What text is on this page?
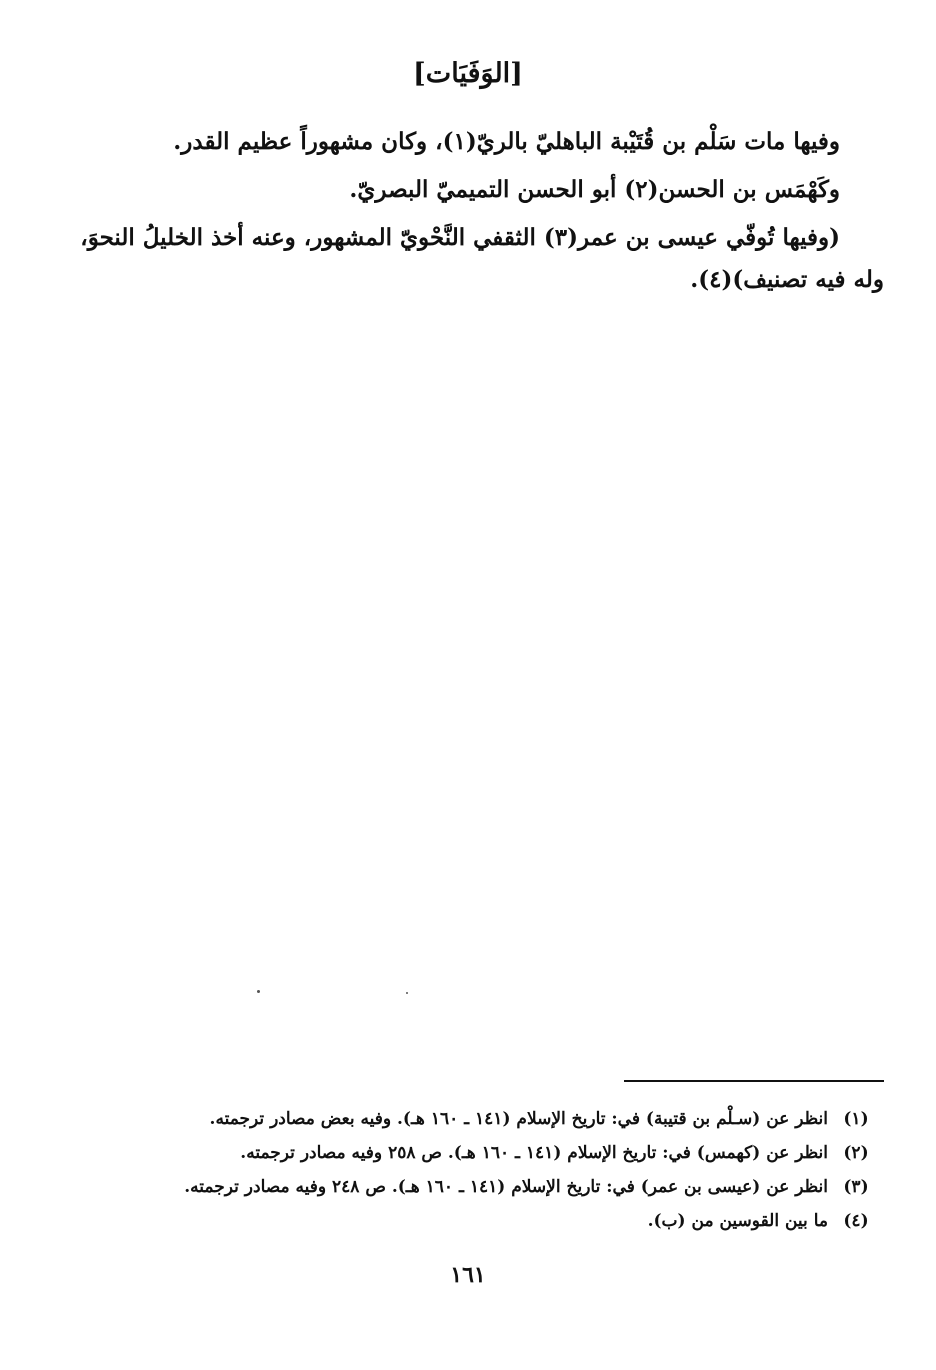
[الوَفَيَات]

وفيها مات سَلْم بن قُتَيْبة الباهليّ بالريّ(١)، وكان مشهوراً عظيم القدر.

وكَهْمَس بن الحسن(٢) أبو الحسن التميميّ البصريّ.

(وفيها تُوفّي عيسى بن عمر(٣) الثقفي النَّحْويّ المشهور، وعنه أخذ الخليلُ النحوَ،

وله فيه تصنيف)(٤).

(١)
انظر عن (سـلْم بن قتيبة) في: تاريخ الإسلام (١٤١ ـ ١٦٠ هـ). وفيه بعض مصادر ترجمته.
(٢)
انظر عن (كهمس) في: تاريخ الإسلام (١٤١ ـ ١٦٠ هـ). ص ٢٥٨ وفيه مصادر ترجمته.
(٣)
انظر عن (عيسى بن عمر) في: تاريخ الإسلام (١٤١ ـ ١٦٠ هـ). ص ٢٤٨ وفيه مصادر ترجمته.
(٤)
ما بين القوسين من (ب).
١٦١
